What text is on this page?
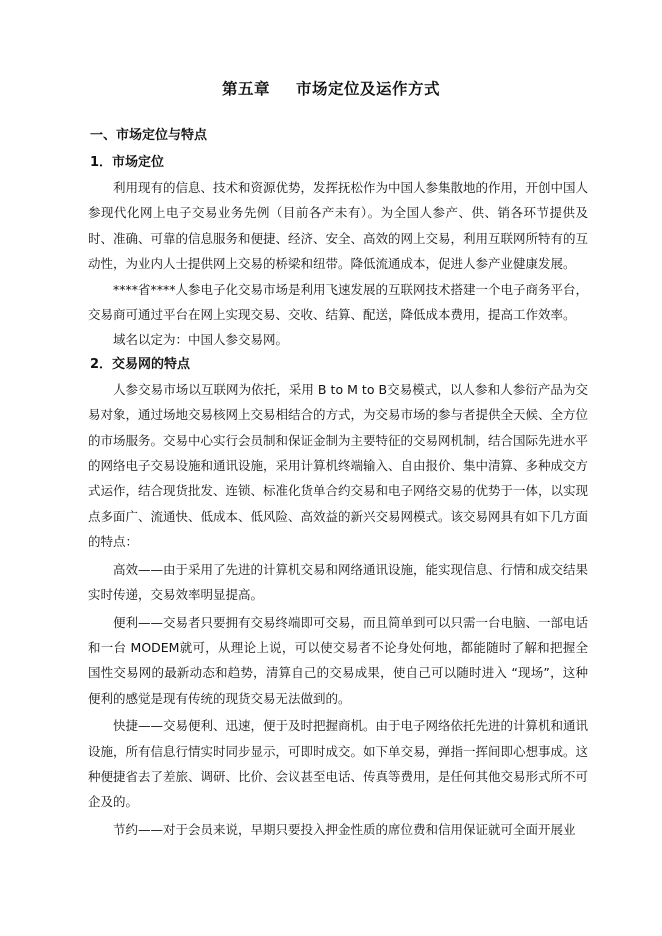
第五章 市场定位及运作方式

一、市场定位与特点

1．市场定位

利用现有的信息、技术和资源优势，发挥抚松作为中国人参集散地的作用，开创中国人参现代化网上电子交易业务先例（目前各产未有）。为全国人参产、供、销各环节提供及时、准确、可靠的信息服务和便捷、经济、安全、高效的网上交易，利用互联网所特有的互动性，为业内人士提供网上交易的桥梁和纽带。降低流通成本，促进人参产业健康发展。

****省****人参电子化交易市场是利用飞速发展的互联网技术搭建一个电子商务平台，交易商可通过平台在网上实现交易、交收、结算、配送，降低成本费用，提高工作效率。

域名以定为：中国人参交易网。

2．交易网的特点

人参交易市场以互联网为依托，采用 B to M to B交易模式，以人参和人参衍产品为交易对象，通过场地交易核网上交易相结合的方式，为交易市场的参与者提供全天候、全方位的市场服务。交易中心实行会员制和保证金制为主要特征的交易网机制，结合国际先进水平的网络电子交易设施和通讯设施，采用计算机终端输入、自由报价、集中清算、多种成交方式运作，结合现货批发、连锁、标准化货单合约交易和电子网络交易的优势于一体，以实现点多面广、流通快、低成本、低风险、高效益的新兴交易网模式。该交易网具有如下几方面的特点：

高效——由于采用了先进的计算机交易和网络通讯设施，能实现信息、行情和成交结果实时传递，交易效率明显提高。

便利——交易者只要拥有交易终端即可交易，而且简单到可以只需一台电脑、一部电话和一台 MODEM就可，从理论上说，可以使交易者不论身处何地，都能随时了解和把握全国性交易网的最新动态和趋势，清算自己的交易成果，使自己可以随时进入 “现场”，这种便利的感觉是现有传统的现货交易无法做到的。

快捷——交易便利、迅速，便于及时把握商机。由于电子网络依托先进的计算机和通讯设施，所有信息行情实时同步显示，可即时成交。如下单交易，弹指一挥间即心想事成。这种便捷省去了差旅、调研、比价、会议甚至电话、传真等费用，是任何其他交易形式所不可企及的。

节约——对于会员来说，早期只要投入押金性质的席位费和信用保证就可全面开展业
